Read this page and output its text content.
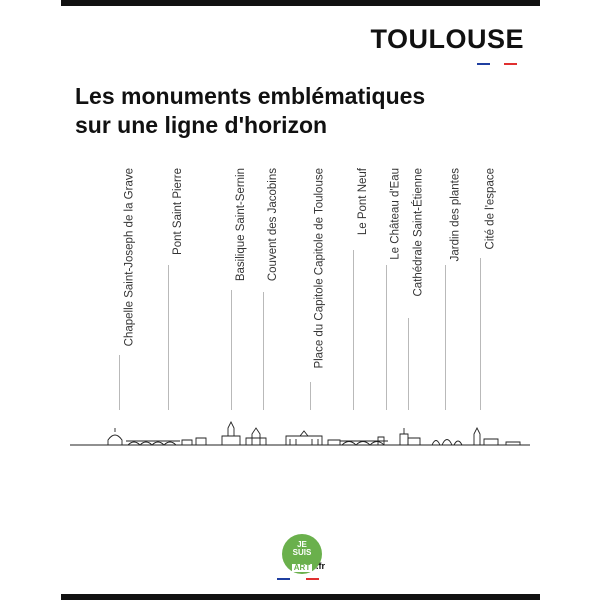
TOULOUSE
Les monuments emblématiques
sur une ligne d'horizon
Chapelle Saint-Joseph de la Grave	Pont Saint Pierre	Basilique Saint-Sernin Couvent des Jacobins	Place du Capitole Capitole de Toulouse	Le Pont Neuf Le Château d'Eau Cathédrale Saint-Étienne Jardin des plantes Cité de l'espace
JE
SUIS
ART .fr
